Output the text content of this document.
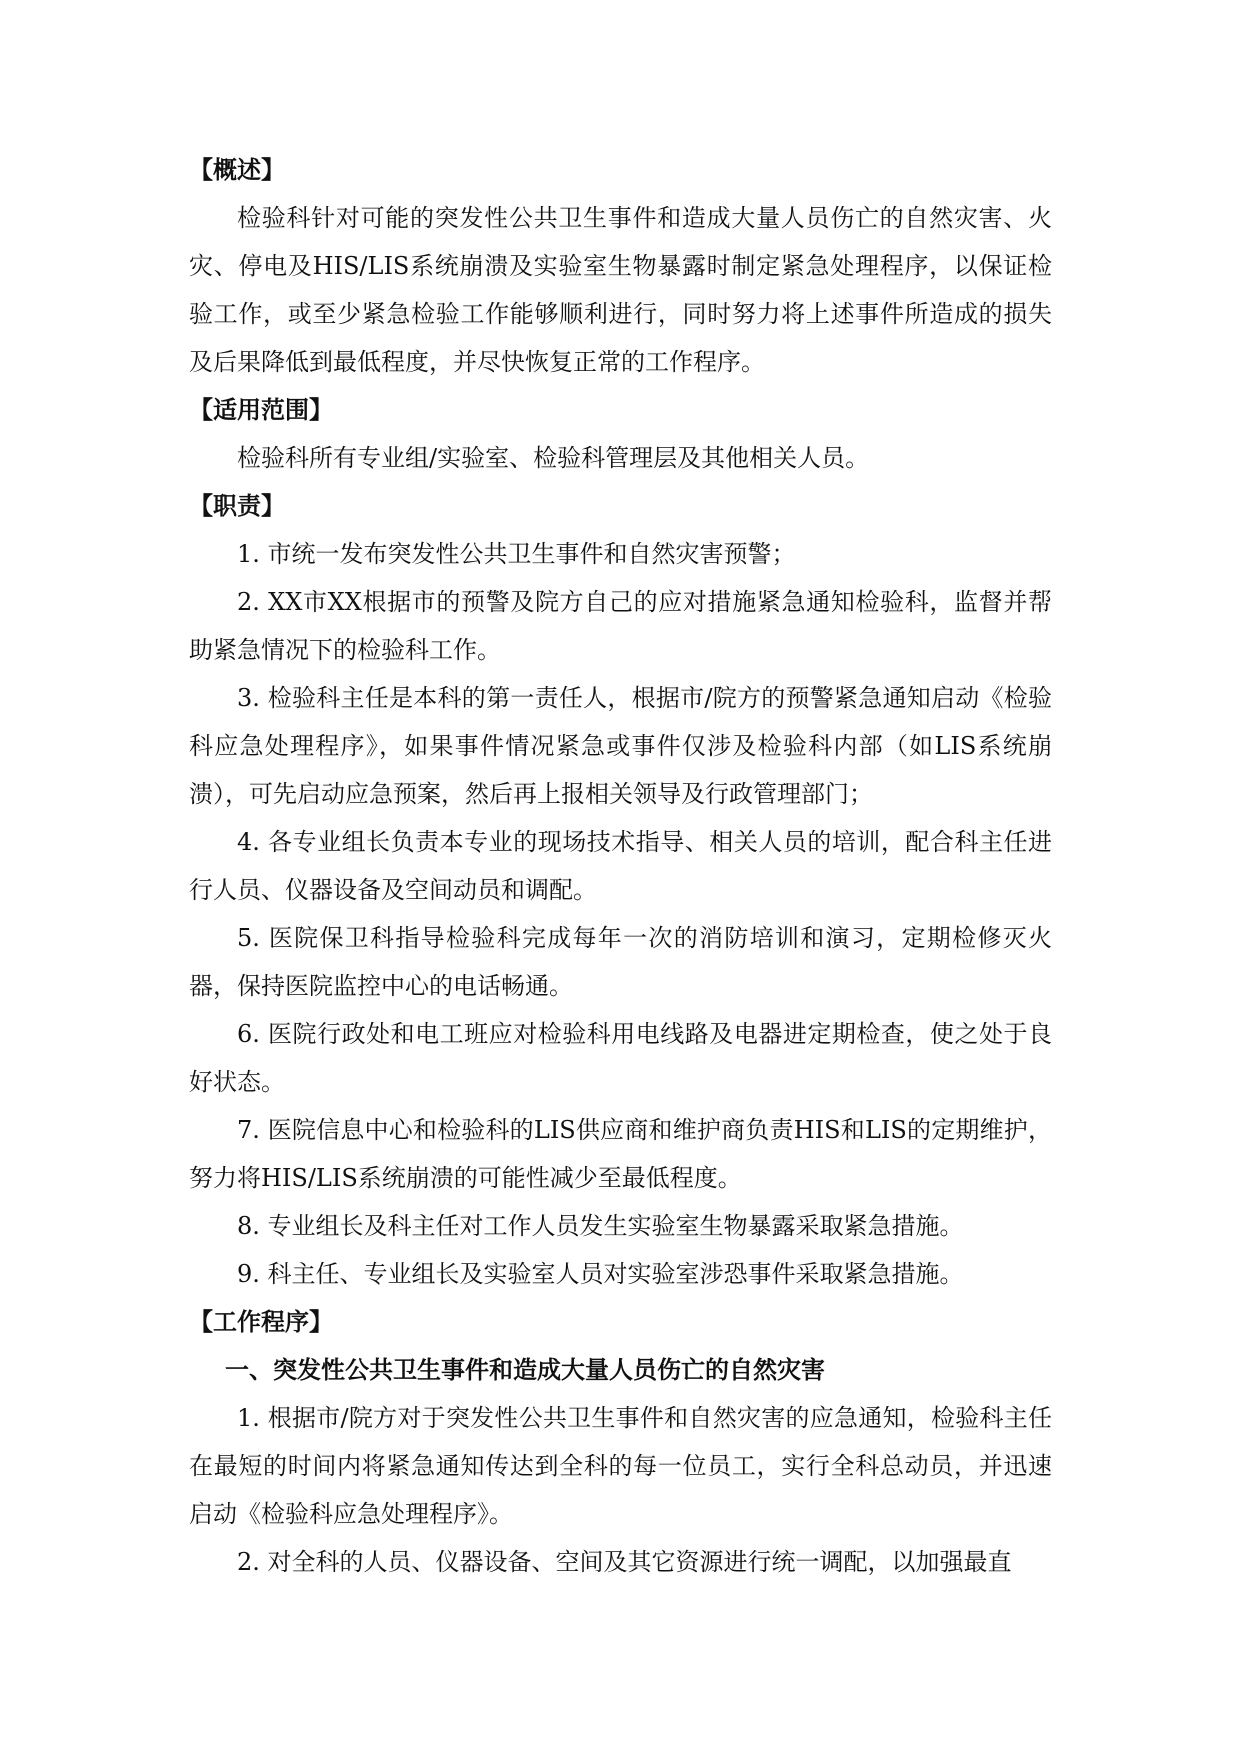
【概述】

检验科针对可能的突发性公共卫生事件和造成大量人员伤亡的自然灾害、火灾、停电及HIS/LIS系统崩溃及实验室生物暴露时制定紧急处理程序，以保证检验工作，或至少紧急检验工作能够顺利进行，同时努力将上述事件所造成的损失及后果降低到最低程度，并尽快恢复正常的工作程序。

【适用范围】

检验科所有专业组/实验室、检验科管理层及其他相关人员。

【职责】

1. 市统一发布突发性公共卫生事件和自然灾害预警；

2. XX市XX根据市的预警及院方自己的应对措施紧急通知检验科，监督并帮助紧急情况下的检验科工作。

3. 检验科主任是本科的第一责任人，根据市/院方的预警紧急通知启动《检验科应急处理程序》，如果事件情况紧急或事件仅涉及检验科内部（如LIS系统崩溃），可先启动应急预案，然后再上报相关领导及行政管理部门；

4. 各专业组长负责本专业的现场技术指导、相关人员的培训，配合科主任进行人员、仪器设备及空间动员和调配。

5. 医院保卫科指导检验科完成每年一次的消防培训和演习，定期检修灭火器，保持医院监控中心的电话畅通。

6. 医院行政处和电工班应对检验科用电线路及电器进定期检查，使之处于良好状态。

7. 医院信息中心和检验科的LIS供应商和维护商负责HIS和LIS的定期维护，努力将HIS/LIS系统崩溃的可能性减少至最低程度。

8. 专业组长及科主任对工作人员发生实验室生物暴露采取紧急措施。

9. 科主任、专业组长及实验室人员对实验室涉恐事件采取紧急措施。

【工作程序】
一、突发性公共卫生事件和造成大量人员伤亡的自然灾害

1. 根据市/院方对于突发性公共卫生事件和自然灾害的应急通知，检验科主任在最短的时间内将紧急通知传达到全科的每一位员工，实行全科总动员，并迅速启动《检验科应急处理程序》。

2. 对全科的人员、仪器设备、空间及其它资源进行统一调配，以加强最直
